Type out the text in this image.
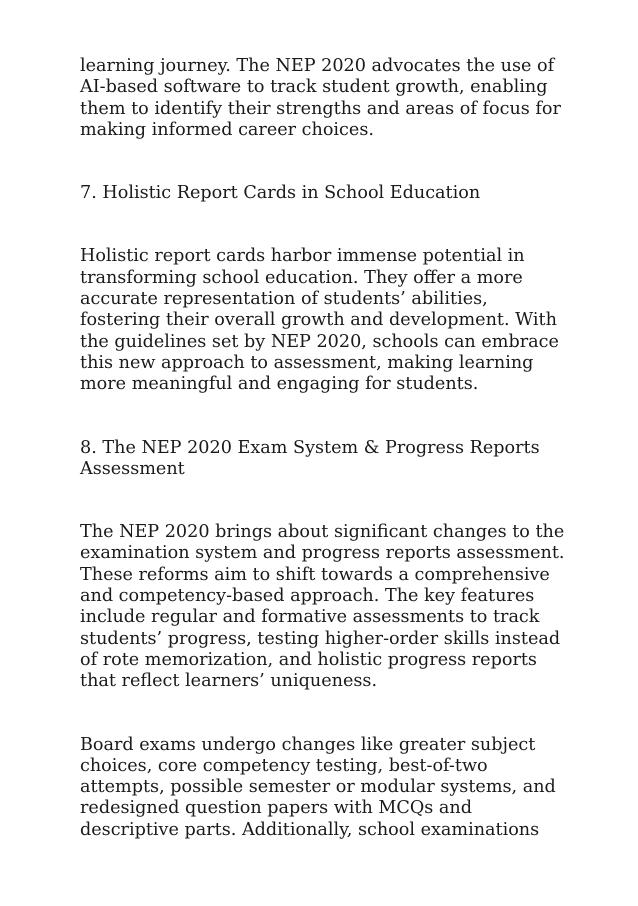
learning journey. The NEP 2020 advocates the use of
AI-based software to track student growth, enabling
them to identify their strengths and areas of focus for
making informed career choices.
7. Holistic Report Cards in School Education
Holistic report cards harbor immense potential in
transforming school education. They offer a more
accurate representation of students’ abilities,
fostering their overall growth and development. With
the guidelines set by NEP 2020, schools can embrace
this new approach to assessment, making learning
more meaningful and engaging for students.
8. The NEP 2020 Exam System & Progress Reports
Assessment
The NEP 2020 brings about significant changes to the
examination system and progress reports assessment.
These reforms aim to shift towards a comprehensive
and competency-based approach. The key features
include regular and formative assessments to track
students’ progress, testing higher-order skills instead
of rote memorization, and holistic progress reports
that reflect learners’ uniqueness.
Board exams undergo changes like greater subject
choices, core competency testing, best-of-two
attempts, possible semester or modular systems, and
redesigned question papers with MCQs and
descriptive parts. Additionally, school examinations
